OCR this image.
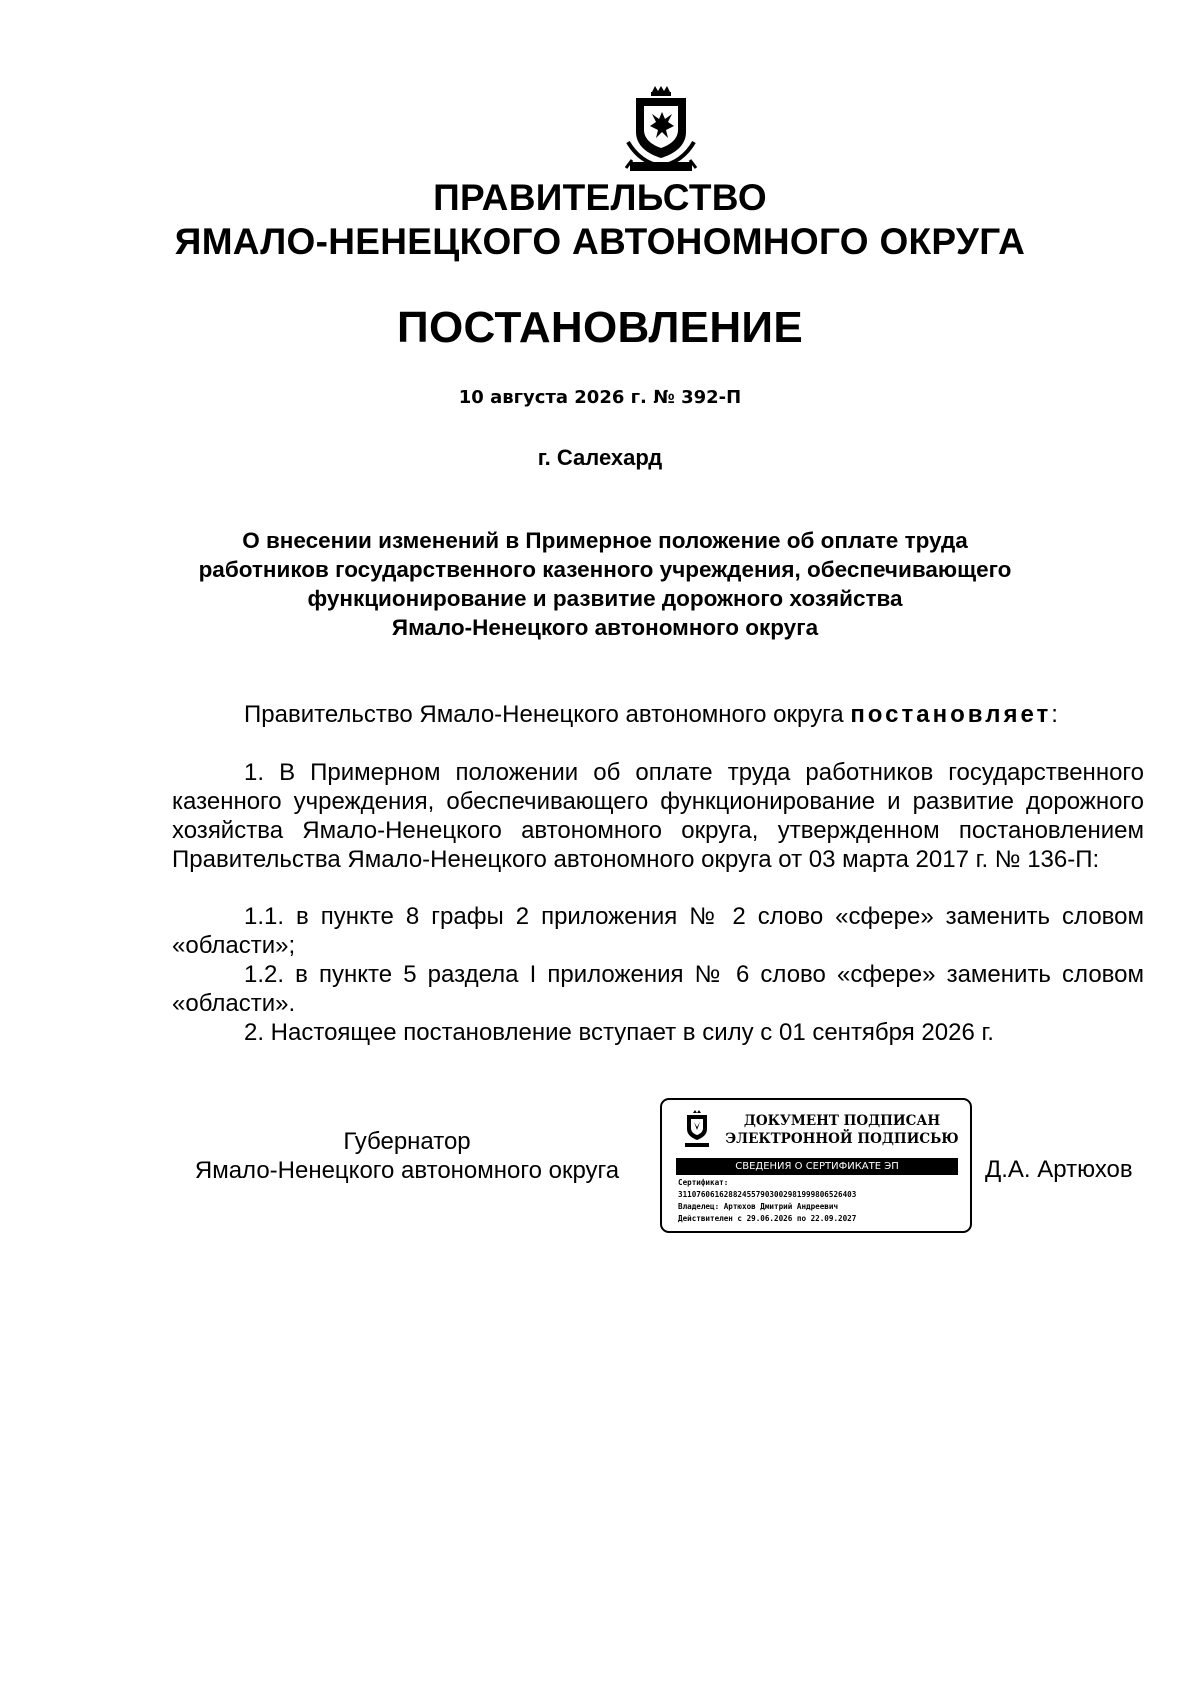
ПРАВИТЕЛЬСТВО
ЯМАЛО-НЕНЕЦКОГО АВТОНОМНОГО ОКРУГА
ПОСТАНОВЛЕНИЕ
10 августа 2026 г. № 392-П
г. Салехард
О внесении изменений в Примерное положение об оплате труда
работников государственного казенного учреждения, обеспечивающего
функционирование и развитие дорожного хозяйства
Ямало-Ненецкого автономного округа
Правительство Ямало-Ненецкого автономного округа постановляет:

1. В Примерном положении об оплате труда работников государственного казенного учреждения, обеспечивающего функционирование и развитие дорожного хозяйства Ямало-Ненецкого автономного округа, утвержденном постановлением Правительства Ямало-Ненецкого автономного округа от 03 марта 2017 г. № 136-П:

1.1. в пункте 8 графы 2 приложения № 2 слово «сфере» заменить словом «области»;

1.2. в пункте 5 раздела I приложения № 6 слово «сфере» заменить словом «области».

2. Настоящее постановление вступает в силу с 01 сентября 2026 г.

Губернатор
Ямало-Ненецкого автономного округа
ДОКУМЕНТ ПОДПИСАН
ЭЛЕКТРОННОЙ ПОДПИСЬЮ
СВЕДЕНИЯ О СЕРТИФИКАТЕ ЭП
Сертификат:
31107606162882455790300298199980652640З
Владелец: Артюхов Дмитрий Андреевич
Действителен с 29.06.2026 по 22.09.2027
Д.А. Артюхов
